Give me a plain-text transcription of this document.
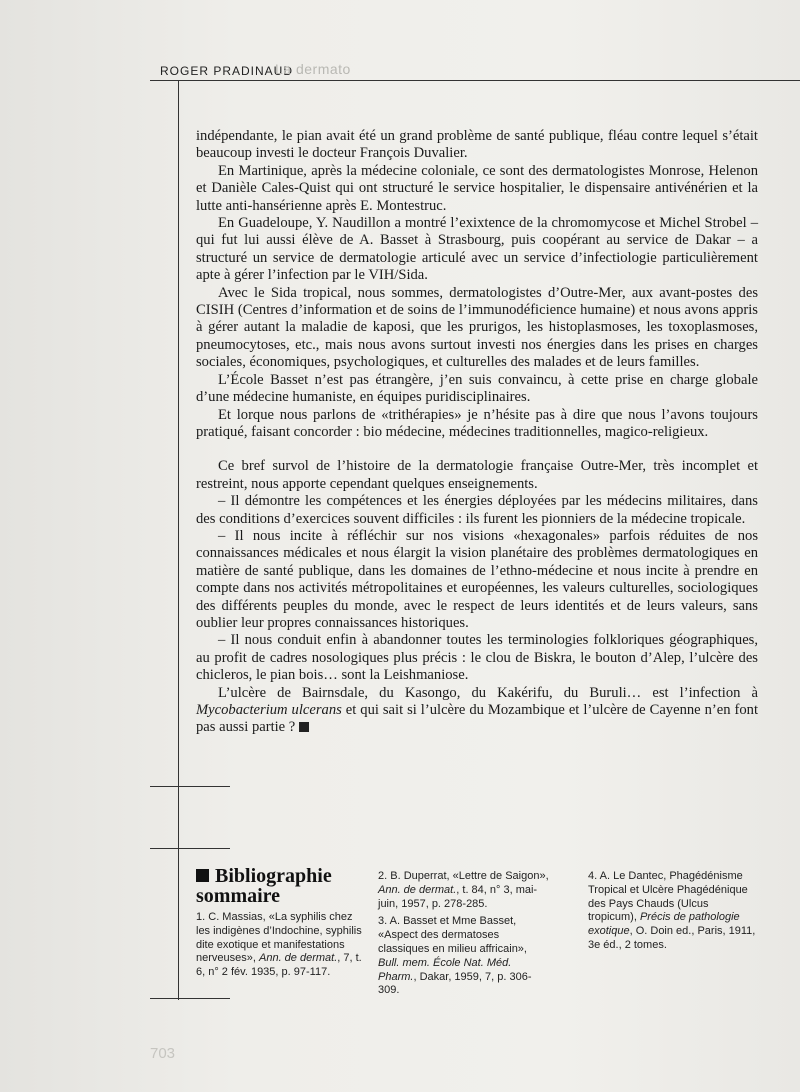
ROGER PRADINAUD
La dermato

indépendante, le pian avait été un grand problème de santé publique, fléau contre lequel s’était beaucoup investi le docteur François Duvalier.

En Martinique, après la médecine coloniale, ce sont des dermatologistes Monrose, Helenon et Danièle Cales-Quist qui ont structuré le service hospitalier, le dispensaire antivénérien et la lutte anti-hansérienne après E. Montestruc.

En Guadeloupe, Y. Naudillon a montré l’exixtence de la chromomycose et Michel Strobel – qui fut lui aussi élève de A. Basset à Strasbourg, puis coopérant au service de Dakar – a structuré un service de dermatologie articulé avec un service d’infectiologie particulièrement apte à gérer l’infection par le VIH/Sida.

Avec le Sida tropical, nous sommes, dermatologistes d’Outre-Mer, aux avant-postes des CISIH (Centres d’information et de soins de l’immunodéficience humaine) et nous avons appris à gérer autant la maladie de kaposi, que les prurigos, les histoplasmoses, les toxoplasmoses, pneumocytoses, etc., mais nous avons surtout investi nos énergies dans les prises en charges sociales, économiques, psychologiques, et culturelles des malades et de leurs familles.

L’École Basset n’est pas étrangère, j’en suis convaincu, à cette prise en charge globale d’une médecine humaniste, en équipes puridisciplinaires.

Et lorque nous parlons de «trithérapies» je n’hésite pas à dire que nous l’avons toujours pratiqué, faisant concorder : bio médecine, médecines traditionnelles, magico-religieux.

Ce bref survol de l’histoire de la dermatologie française Outre-Mer, très incomplet et restreint, nous apporte cependant quelques enseignements.

– Il démontre les compétences et les énergies déployées par les médecins militaires, dans des conditions d’exercices souvent difficiles : ils furent les pionniers de la médecine tropicale.

– Il nous incite à réfléchir sur nos visions «hexagonales» parfois réduites de nos connaissances médicales et nous élargit la vision planétaire des problèmes dermatologiques en matière de santé publique, dans les domaines de l’ethno-médecine et nous incite à prendre en compte dans nos activités métropolitaines et européennes, les valeurs culturelles, sociologiques des différents peuples du monde, avec le respect de leurs identités et de leurs valeurs, sans oublier leur propres connaissances historiques.

– Il nous conduit enfin à abandonner toutes les terminologies folkloriques géographiques, au profit de cadres nosologiques plus précis : le clou de Biskra, le bouton d’Alep, l’ulcère des chicleros, le pian bois… sont la Leishmaniose.

L’ulcère de Bairnsdale, du Kasongo, du Kakérifu, du Buruli… est l’infection à Mycobacterium ulcerans et qui sait si l’ulcère du Mozambique et l’ulcère de Cayenne n’en font pas aussi partie ?

Bibliographie
sommaire

1. C. Massias, «La syphilis chez les indigènes d’Indochine, syphilis dite exotique et manifestations nerveuses», Ann. de dermat., 7, t. 6, n° 2 fév. 1935, p. 97-117.

2. B. Duperrat, «Lettre de Saigon», Ann. de dermat., t. 84, n° 3, mai-juin, 1957, p. 278-285.

3. A. Basset et Mme Basset, «Aspect des dermatoses classiques en milieu affricain», Bull. mem. École Nat. Méd. Pharm., Dakar, 1959, 7, p. 306-309.

4. A. Le Dantec, Phagédénisme Tropical et Ulcère Phagédénique des Pays Chauds (Ulcus tropicum), Précis de pathologie exotique, O. Doin ed., Paris, 1911, 3e éd., 2 tomes.

703
